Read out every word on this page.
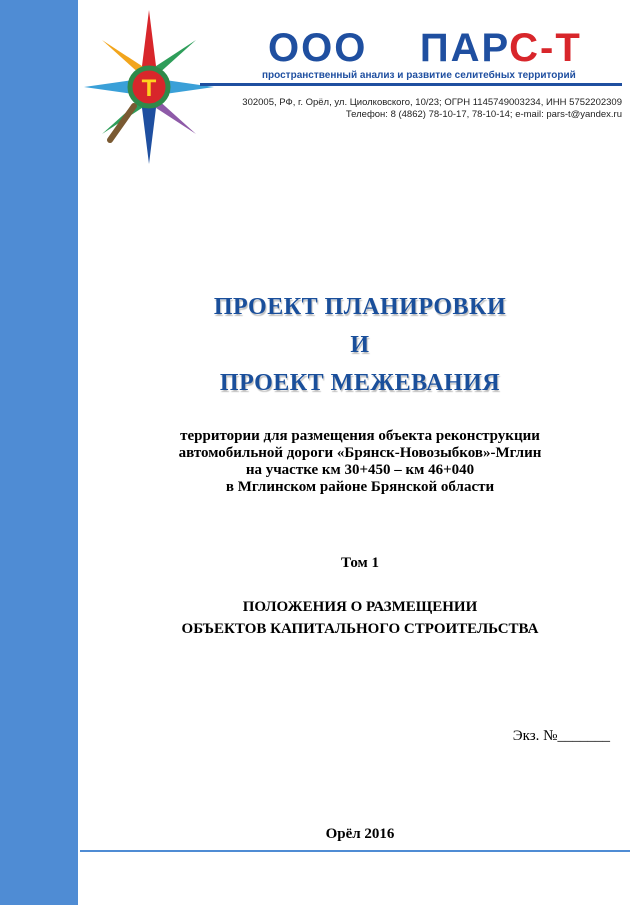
Т
ООО ПАРС-Т
пространственный анализ и развитие селитебных территорий
302005, РФ, г. Орёл, ул. Циолковского, 10/23; ОГРН 1145749003234, ИНН 5752202309
Телефон: 8 (4862) 78-10-17, 78-10-14; e-mail: pars-t@yandex.ru
ПРОЕКТ ПЛАНИРОВКИ
И
ПРОЕКТ МЕЖЕВАНИЯ
территории для размещения объекта реконструкции
автомобильной дороги «Брянск-Новозыбков»-Мглин
на участке км 30+450 – км 46+040
в Мглинском районе Брянской области
Том 1
ПОЛОЖЕНИЯ О РАЗМЕЩЕНИИ
ОБЪЕКТОВ КАПИТАЛЬНОГО СТРОИТЕЛЬСТВА
Экз. №_______
Орёл 2016
